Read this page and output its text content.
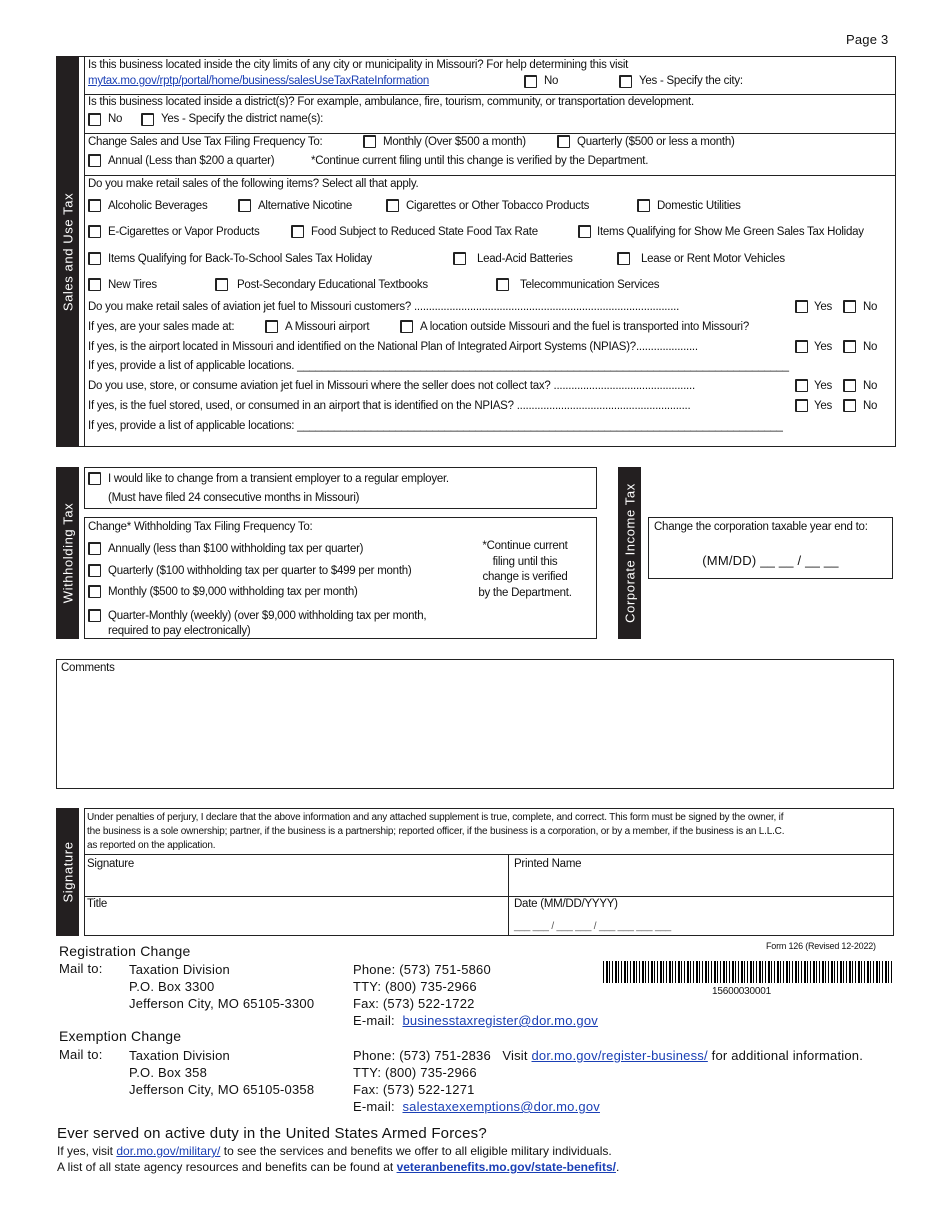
Page 3
Sales and Use Tax
Is this business located inside the city limits of any city or municipality in Missouri? For help determining this visit
mytax.mo.gov/rptp/portal/home/business/salesUseTaxRateInformation	No	Yes - Specify the city:
Is this business located inside a district(s)? For example, ambulance, fire, tourism, community, or transportation development.
No	Yes - Specify the district name(s):
Change Sales and Use Tax Filing Frequency To:	Monthly (Over $500 a month)	Quarterly ($500 or less a month)
Annual (Less than $200 a quarter)	*Continue current filing until this change is verified by the Department.
Do you make retail sales of the following items? Select all that apply.
Alcoholic Beverages	Alternative Nicotine	Cigarettes or Other Tobacco Products	Domestic Utilities
E-Cigarettes or Vapor Products	Food Subject to Reduced State Food Tax Rate	Items Qualifying for Show Me Green Sales Tax Holiday
Items Qualifying for Back-To-School Sales Tax Holiday	Lead-Acid Batteries	Lease or Rent Motor Vehicles
New Tires	Post-Secondary Educational Textbooks	Telecommunication Services
Do you make retail sales of aviation jet fuel to Missouri customers? ..........................................................................................	Yes	No
If yes, are your sales made at:	A Missouri airport	A location outside Missouri and the fuel is transported into Missouri?
If yes, is the airport located in Missouri and identified on the National Plan of Integrated Airport Systems (NPIAS)?.....................	Yes	No
If yes, provide a list of applicable locations. ________________________________________________________________________________
Do you use, store, or consume aviation jet fuel in Missouri where the seller does not collect tax? ................................................	Yes	No
If yes, is the fuel stored, used, or consumed in an airport that is identified on the NPIAS? ...........................................................	Yes	No
If yes, provide a list of applicable locations: _______________________________________________________________________________
Withholding Tax
I would like to change from a transient employer to a regular employer.
(Must have filed 24 consecutive months in Missouri)
Change* Withholding Tax Filing Frequency To:
Annually (less than $100 withholding tax per quarter)
Quarterly ($100 withholding tax per quarter to $499 per month)
Monthly ($500 to $9,000 withholding tax per month)
Quarter-Monthly (weekly) (over $9,000 withholding tax per month,
required to pay electronically)
*Continue current
filing until this
change is verified
by the Department.	Corporate Income Tax Change the corporation taxable year end to:
(MM/DD) __ __ / __ __
Comments
Signature
Under penalties of perjury, I declare that the above information and any attached supplement is true, complete, and correct. This form must be signed by the owner, if
the business is a sole ownership; partner, if the business is a partnership; reported officer, if the business is a corporation, or by a member, if the business is an L.L.C.
as reported on the application.
Signature	Printed Name
Title	Date (MM/DD/YYYY)
___ ___ / ___ ___ / ___ ___ ___ ___
Form 126 (Revised 12-2022)
15600030001
Registration Change
Mail to: Taxation Division
P.O. Box 3300
Jefferson City, MO 65105-3300
Phone: (573) 751-5860
TTY: (800) 735-2966
Fax: (573) 522-1722
E-mail: businesstaxregister@dor.mo.gov
Exemption Change
Mail to: Taxation Division
P.O. Box 358
Jefferson City, MO 65105-0358
Phone: (573) 751-2836 Visit dor.mo.gov/register-business/ for additional information.
TTY: (800) 735-2966
Fax: (573) 522-1271
E-mail: salestaxexemptions@dor.mo.gov
Ever served on active duty in the United States Armed Forces?
If yes, visit dor.mo.gov/military/ to see the services and benefits we offer to all eligible military individuals.
A list of all state agency resources and benefits can be found at veteranbenefits.mo.gov/state-benefits/.
